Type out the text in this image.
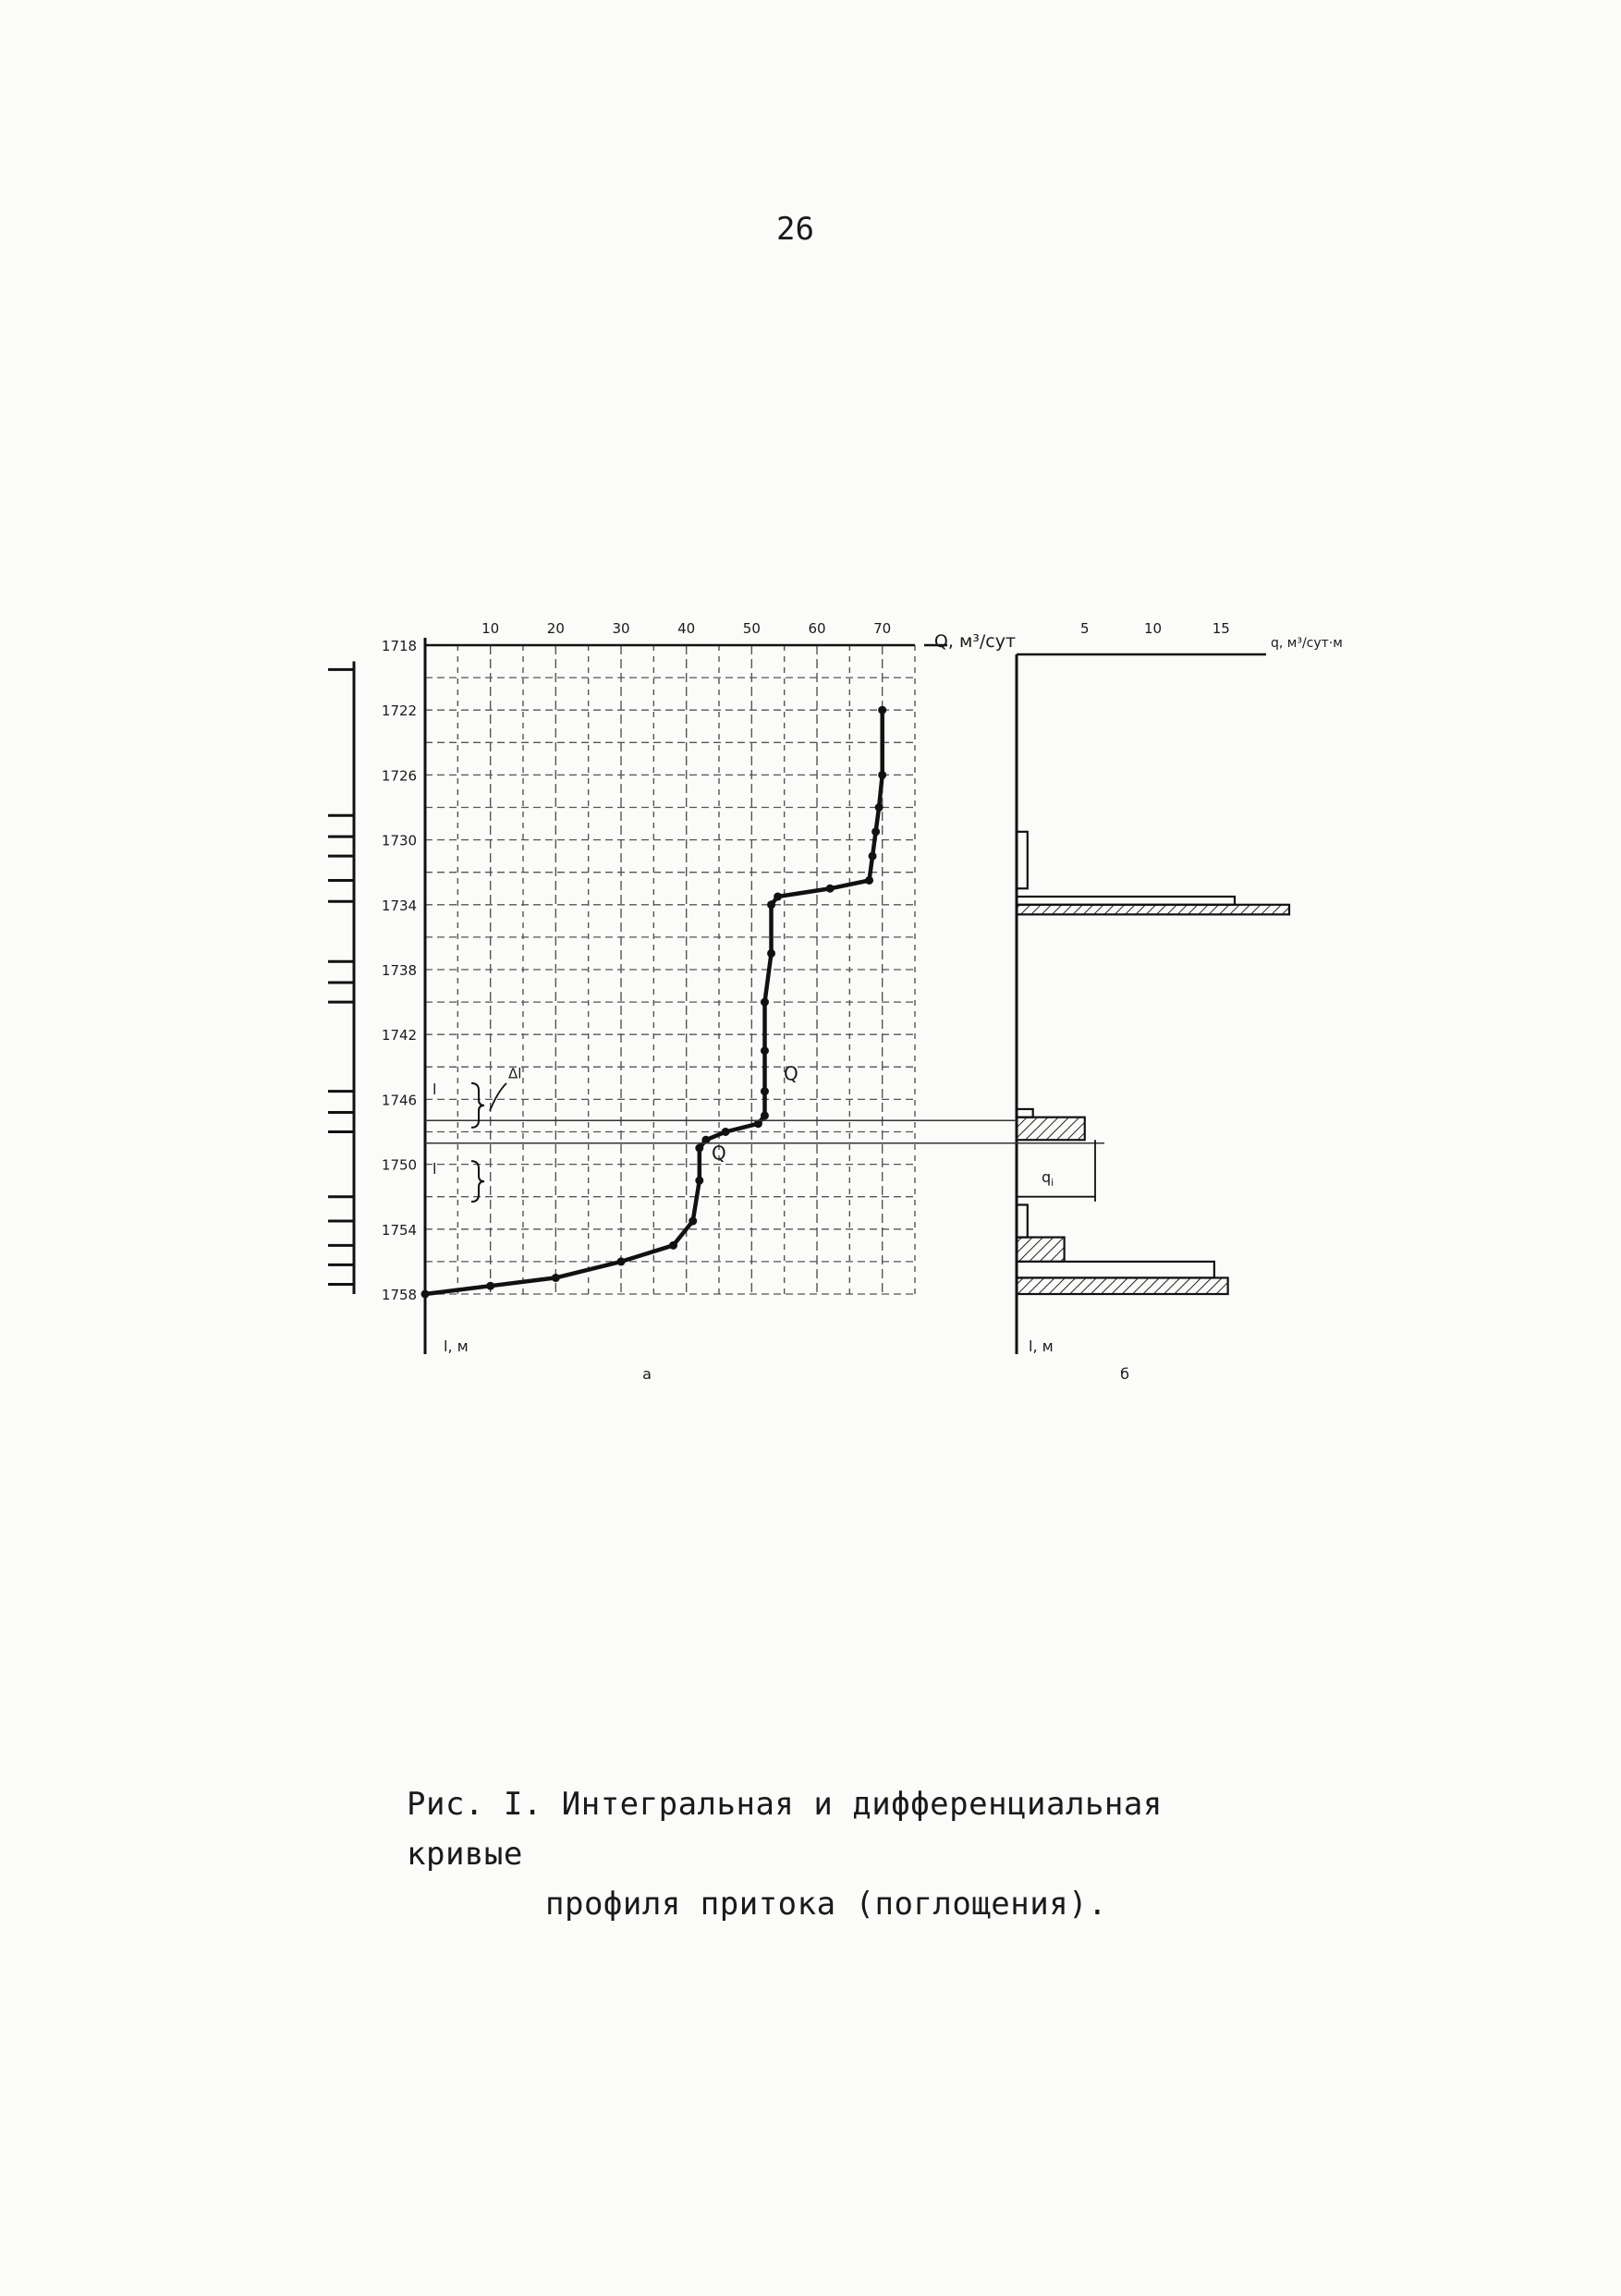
26
10	20	30	40	50	60	70
1718
1722
1726
1730
1734
1738
1742
1746
1750
1754
1758
Q, м³/сут
l, м
5	10	15
q, м³/сут·м
l, м
l
l
Δl	Q
Q
$q_i$
a	б
Рис. I. Интегральная и дифференциальная кривые
профиля притока (поглощения).
